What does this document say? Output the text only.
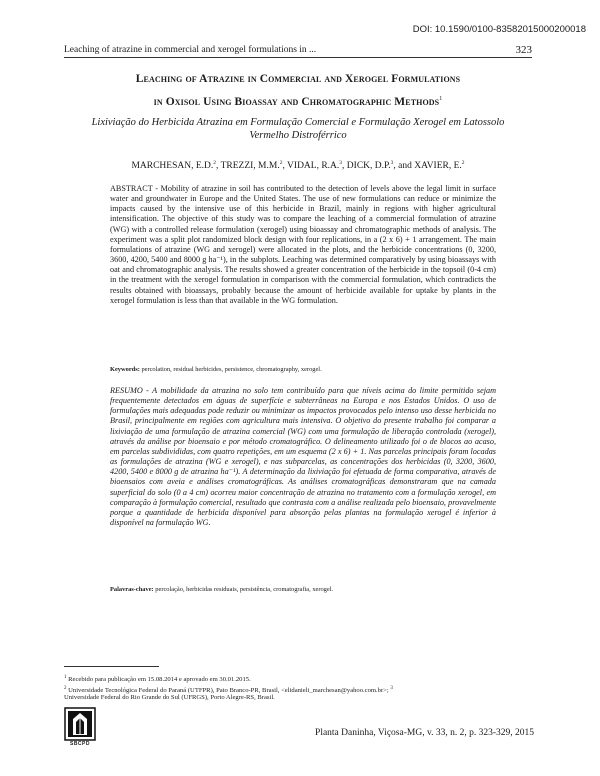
DOI: 10.1590/0100-83582015000200018
Leaching of atrazine in commercial and xerogel formulations in ...	323
Leaching of Atrazine in Commercial and Xerogel Formulations
in Oxisol Using Bioassay and Chromatographic Methods$^1$
Lixiviação do Herbicida Atrazina em Formulação Comercial e Formulação Xerogel em Latossolo Vermelho Distroférrico
MARCHESAN, E.D.$^2$, TREZZI, M.M.$^2$, VIDAL, R.A.$^3$, DICK, D.P.$^3$, and XAVIER, E.$^2$
ABSTRACT - Mobility of atrazine in soil has contributed to the detection of levels above the legal limit in surface water and groundwater in Europe and the United States. The use of new formulations can reduce or minimize the impacts caused by the intensive use of this herbicide in Brazil, mainly in regions with higher agricultural intensification. The objective of this study was to compare the leaching of a commercial formulation of atrazine (WG) with a controlled release formulation (xerogel) using bioassay and chromatographic methods of analysis. The experiment was a split plot randomized block design with four replications, in a (2 x 6) + 1 arrangement. The main formulations of atrazine (WG and xerogel) were allocated in the plots, and the herbicide concentrations (0, 3200, 3600, 4200, 5400 and 8000 g ha⁻¹), in the subplots. Leaching was determined comparatively by using bioassays with oat and chromatographic analysis. The results showed a greater concentration of the herbicide in the topsoil (0-4 cm) in the treatment with the xerogel formulation in comparison with the commercial formulation, which contradicts the results obtained with bioassays, probably because the amount of herbicide available for uptake by plants in the xerogel formulation is less than that available in the WG formulation.
Keywords: percolation, residual herbicides, persistence, chromatography, xerogel.
RESUMO - A mobilidade da atrazina no solo tem contribuído para que níveis acima do limite permitido sejam frequentemente detectados em águas de superfície e subterrâneas na Europa e nos Estados Unidos. O uso de formulações mais adequadas pode reduzir ou minimizar os impactos provocados pelo intenso uso desse herbicida no Brasil, principalmente em regiões com agricultura mais intensiva. O objetivo do presente trabalho foi comparar a lixiviação de uma formulação de atrazina comercial (WG) com uma formulação de liberação controlada (xerogel), através da análise por bioensaio e por método cromatográfico. O delineamento utilizado foi o de blocos ao acaso, em parcelas subdivididas, com quatro repetições, em um esquema (2 x 6) + 1. Nas parcelas principais foram locadas as formulações de atrazina (WG e xerogel), e nas subparcelas, as concentrações dos herbicidas (0, 3200, 3600, 4200, 5400 e 8000 g de atrazina ha⁻¹). A determinação da lixiviação foi efetuada de forma comparativa, através de bioensaios com aveia e análises cromatográficas. As análises cromatográficas demonstraram que na camada superficial do solo (0 a 4 cm) ocorreu maior concentração de atrazina no tratamento com a formulação xerogel, em comparação à formulação comercial, resultado que contrasta com a análise realizada pelo bioensaio, provavelmente porque a quantidade de herbicida disponível para absorção pelas plantas na formulação xerogel é inferior à disponível na formulação WG.
Palavras-chave: percolação, herbicidas residuais, persistência, cromatografia, xerogel.
$^1$ Recebido para publicação em 15.08.2014 e aprovado em 30.01.2015.
$^2$ Universidade Tecnológica Federal do Paraná (UTFPR), Pato Branco-PR, Brasil, <elidanieli_marchesan@yahoo.com.br>; $^3$
Universidade Federal do Rio Grande do Sul (UFRGS), Porto Alegre-RS, Brasil.
SBCPD
Planta Daninha, Viçosa-MG, v. 33, n. 2, p. 323-329, 2015
